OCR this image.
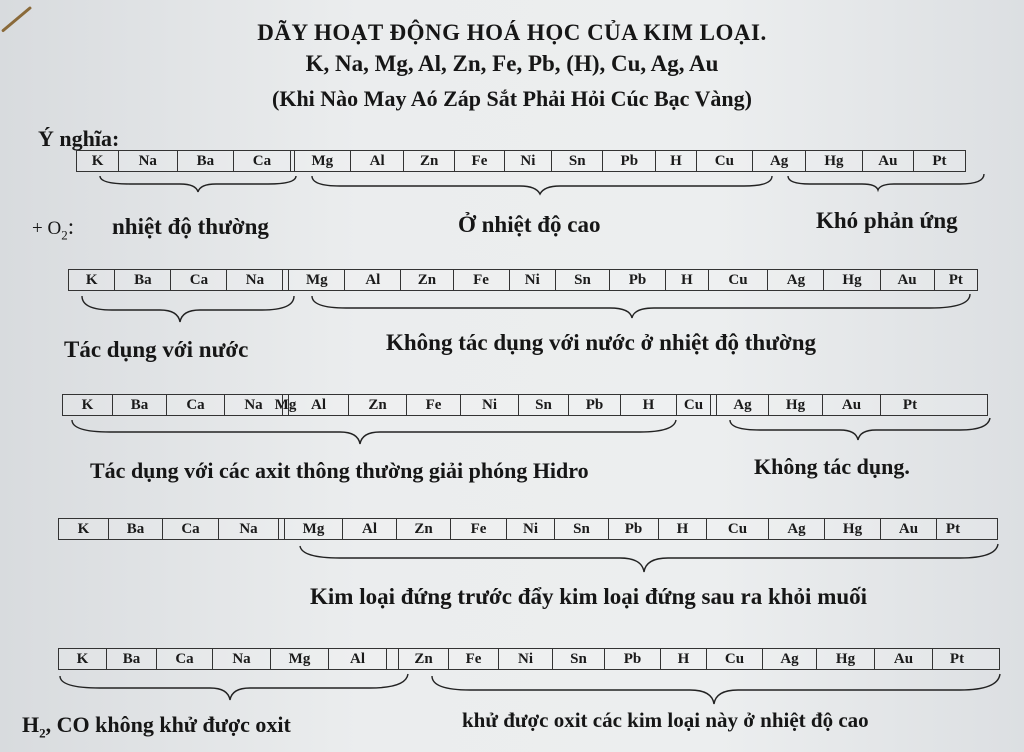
DÃY HOẠT ĐỘNG HOÁ HỌC CỦA KIM LOẠI.
K, Na, Mg, Al, Zn, Fe, Pb, (H), Cu, Ag, Au
(Khi Nào May Aó Záp Sắt Phải Hỏi Cúc Bạc Vàng)
Ý nghĩa:
K	Na	Ba	Ca	Mg	Al	Zn	Fe	Ni	Sn	Pb	H	Cu	Ag	Hg	Au	Pt
+ $O_2$: nhiệt độ thường	Ở nhiệt độ cao	Khó phản ứng
K	Ba	Ca	Na	Mg	Al	Zn	Fe	Ni	Sn	Pb	H	Cu	Ag	Hg	Au	Pt
Tác dụng với nước	Không tác dụng với nước ở nhiệt độ thường
K	Ba	Ca	Na Mg Al	Zn	Fe	Ni	Sn	Pb	H	Cu	Ag	Hg	Au	Pt
Tác dụng với các axit thông thường giải phóng Hidro	Không tác dụng.
K	Ba	Ca	Na	Mg	Al	Zn	Fe	Ni	Sn	Pb	H	Cu	Ag	Hg	Au	Pt
Kim loại đứng trước đẩy kim loại đứng sau ra khỏi muối
K	Ba	Ca	Na	Mg	Al	Zn	Fe	Ni	Sn	Pb	H	Cu	Ag	Hg	Au	Pt
$H_2$, CO không khử được oxit	khử được oxit các kim loại này ở nhiệt độ cao
